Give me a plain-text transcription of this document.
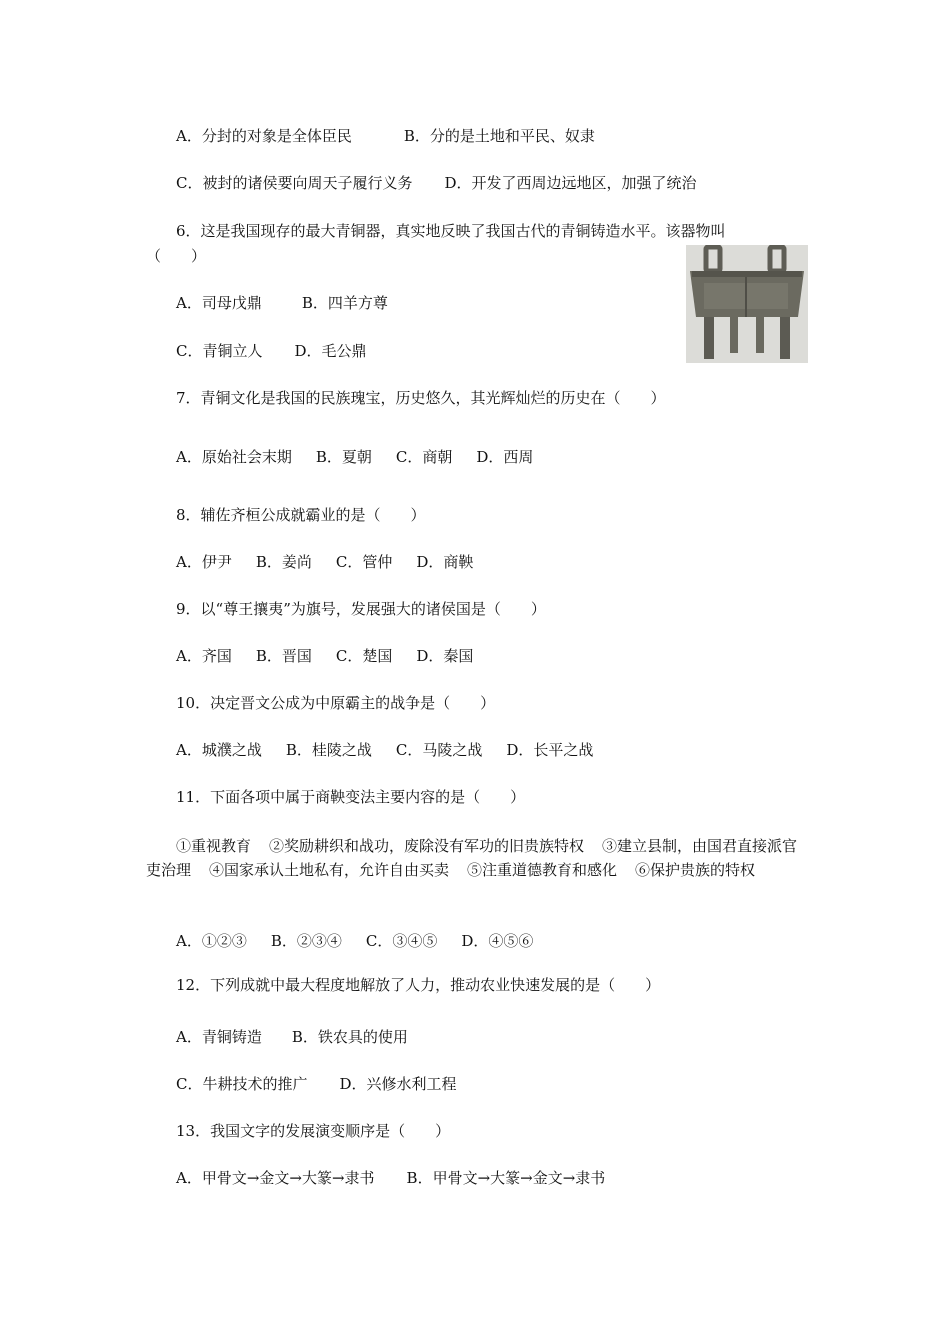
A．分封的对象是全体臣民	B．分的是土地和平民、奴隶
C．被封的诸侯要向周天子履行义务 D．开发了西周边远地区，加强了统治
6．这是我国现存的最大青铜器，真实地反映了我国古代的青铜铸造水平。该器物叫
（　　）
A．司母戊鼎	B．四羊方尊
C．青铜立人 D．毛公鼎
7．青铜文化是我国的民族瑰宝，历史悠久，其光辉灿烂的历史在（　　）
A．原始社会末期 B．夏朝 C．商朝 D．西周
8．辅佐齐桓公成就霸业的是（　　）
A．伊尹 B．姜尚 C．管仲 D．商鞅
9．以“尊王攘夷”为旗号，发展强大的诸侯国是（　　）
A．齐国 B．晋国 C．楚国 D．秦国
10．决定晋文公成为中原霸主的战争是（　　）
A．城濮之战 B．桂陵之战 C．马陵之战 D．长平之战
11．下面各项中属于商鞅变法主要内容的是（　　）
①重视教育 ②奖励耕织和战功，废除没有军功的旧贵族特权 ③建立县制，由国君直接派官吏治理 ④国家承认土地私有，允许自由买卖 ⑤注重道德教育和感化 ⑥保护贵族的特权
A．①②③ B．②③④ C．③④⑤ D．④⑤⑥
12．下列成就中最大程度地解放了人力，推动农业快速发展的是（　　）
A．青铜铸造 B．铁农具的使用
C．牛耕技术的推广 D．兴修水利工程
13．我国文字的发展演变顺序是（　　）
A．甲骨文→金文→大篆→隶书 B．甲骨文→大篆→金文→隶书
